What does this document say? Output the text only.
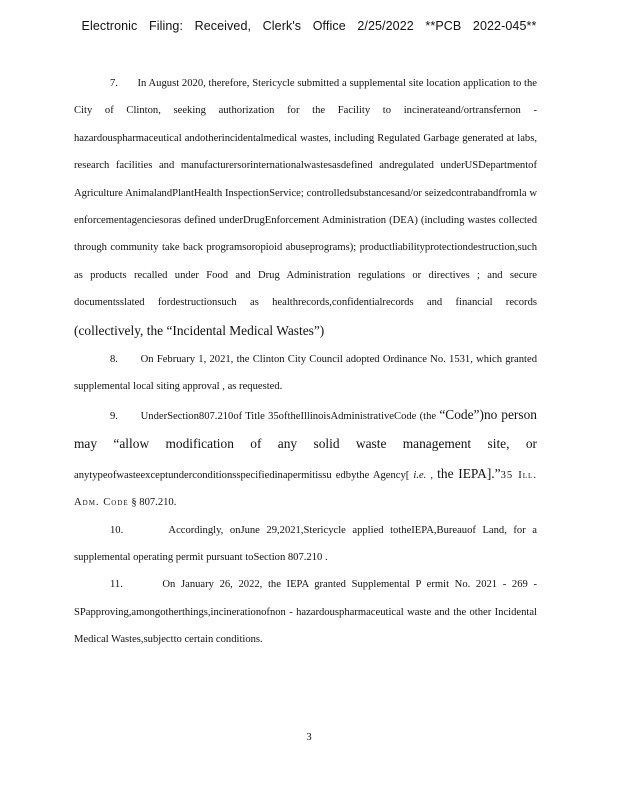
Electronic Filing: Received, Clerk's Office 2/25/2022 **PCB 2022-045**

7.       In August 2020, therefore, Stericycle submitted a supplemental site location application to the City of Clinton, seeking authorization for the Facility to incinerateand/ortransfernon - hazardouspharmaceutical andotherincidentalmedical wastes, including Regulated Garbage generated at labs, research facilities and manufacturersorinternationalwastesasdefined andregulated underUSDepartmentof Agriculture AnimalandPlantHealth InspectionService; controlledsubstancesand/or seizedcontrabandfromla w enforcementagenciesoras defined underDrugEnforcement Administration (DEA) (including wastes collected through community take back programsoropioid abuseprograms); productliabilityprotectiondestruction,such as products recalled under Food and Drug Administration regulations or directives ; and secure documentsslated fordestructionsuch as healthrecords,confidentialrecords and financial records (collectively, the “Incidental Medical Wastes”)

8.       On February 1, 2021, the Clinton City Council adopted Ordinance No. 1531, which granted supplemental local siting approval , as requested.

9.       UnderSection807.210of Title 35oftheIllinoisAdministrativeCode (the “Code”)no person may “allow modification of any solid waste management site, or anytypeofwasteexceptunderconditionsspecifiedinapermitissu edbythe Agency[ i.e. , the IEPA].”35 Ill. Adm. Code § 807.210.

10.       Accordingly, onJune 29,2021,Stericycle applied totheIEPA,Bureauof Land, for a supplemental operating permit pursuant toSection 807.210 .

11.       On January 26, 2022, the IEPA granted Supplemental P ermit No. 2021 - 269 -SPapproving,amongotherthings,incinerationofnon - hazardouspharmaceutical waste and the other Incidental Medical Wastes,subjectto certain conditions.

3
